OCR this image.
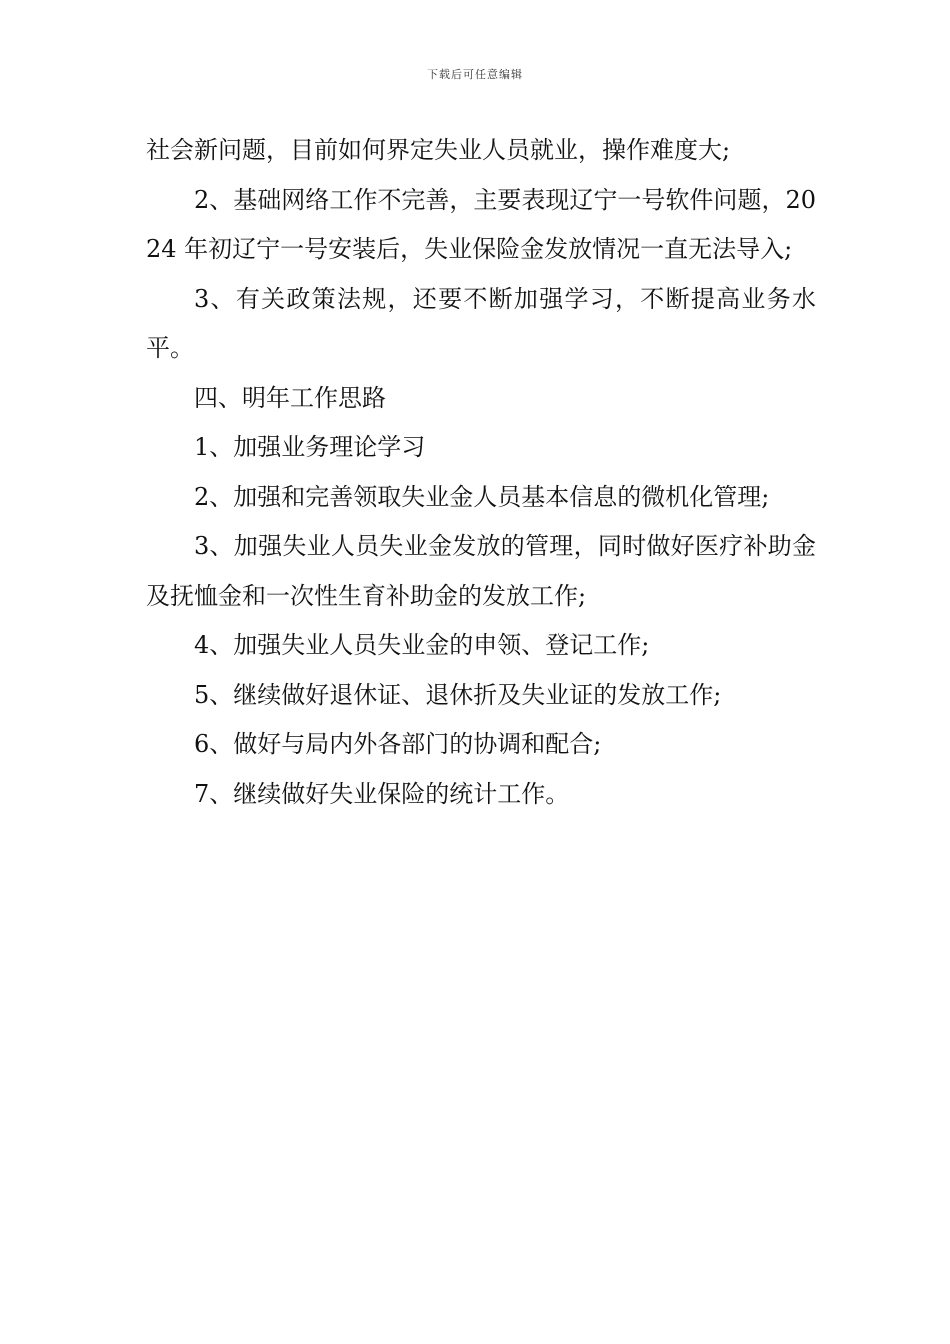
下载后可任意编辑

社会新问题，目前如何界定失业人员就业，操作难度大;

2、基础网络工作不完善，主要表现辽宁一号软件问题，2024 年初辽宁一号安装后，失业保险金发放情况一直无法导入;

3、有关政策法规，还要不断加强学习，不断提高业务水平。

四、明年工作思路

1、加强业务理论学习

2、加强和完善领取失业金人员基本信息的微机化管理;

3、加强失业人员失业金发放的管理，同时做好医疗补助金及抚恤金和一次性生育补助金的发放工作;

4、加强失业人员失业金的申领、登记工作;

5、继续做好退休证、退休折及失业证的发放工作;

6、做好与局内外各部门的协调和配合;

7、继续做好失业保险的统计工作。
